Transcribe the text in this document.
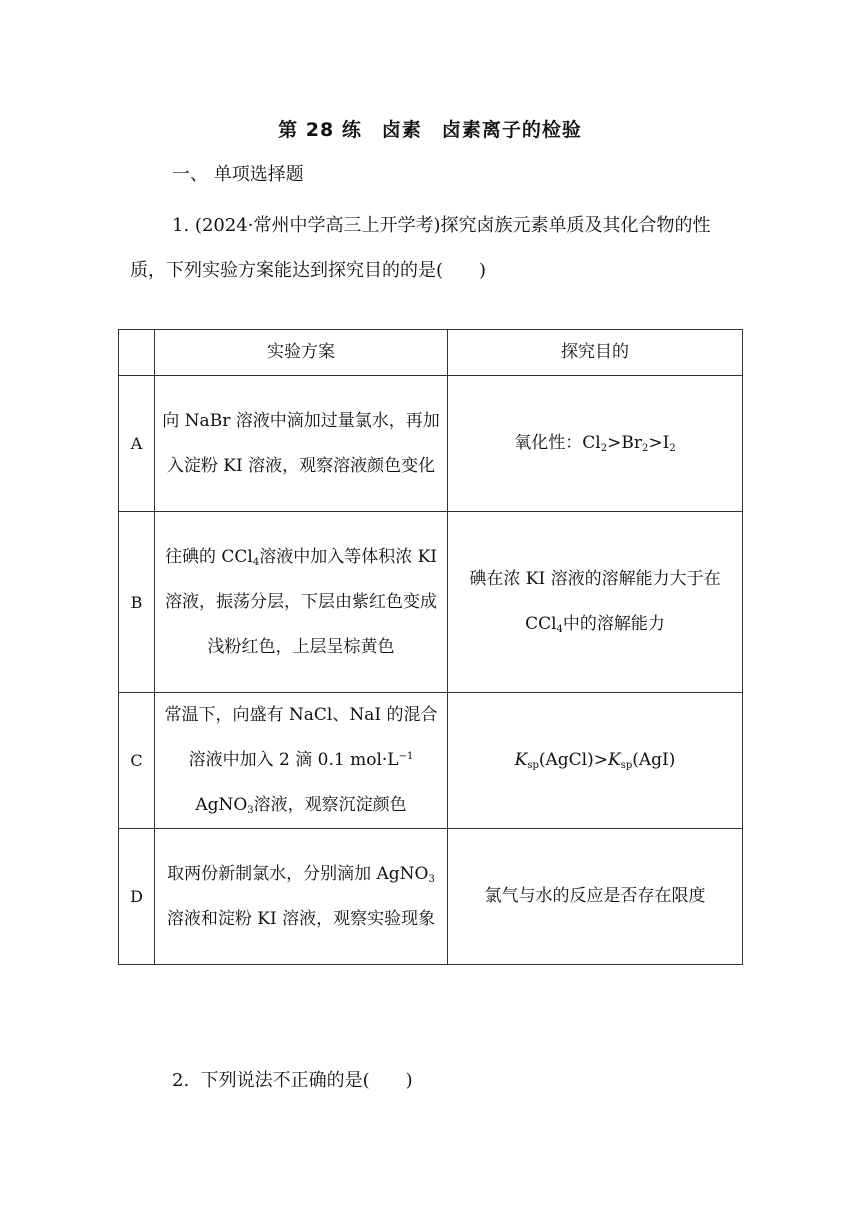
第 28 练　卤素　卤素离子的检验
一、 单项选择题
1. (2024·常州中学高三上开学考)探究卤族元素单质及其化合物的性质，下列实验方案能达到探究目的的是(　　)
	实验方案	探究目的
A	向 NaBr 溶液中滴加过量氯水，再加入淀粉 KI 溶液，观察溶液颜色变化	氧化性：$Cl_2>Br_2>I_2$
B	往碘的 CCl$_4$溶液中加入等体积浓 KI 溶液，振荡分层，下层由紫红色变成浅粉红色，上层呈棕黄色	碘在浓 KI 溶液的溶解能力大于在 CCl$_4$中的溶解能力
C	常温下，向盛有 NaCl、NaI 的混合溶液中加入 2 滴 0.1 $mol\cdot L^{-1}$ AgNO$_3$溶液，观察沉淀颜色	$K_{sp}(AgCl)>K_{sp}(AgI)$
D	取两份新制氯水，分别滴加 AgNO$_3$溶液和淀粉 KI 溶液，观察实验现象	氯气与水的反应是否存在限度
2. 下列说法不正确的是(　　)
